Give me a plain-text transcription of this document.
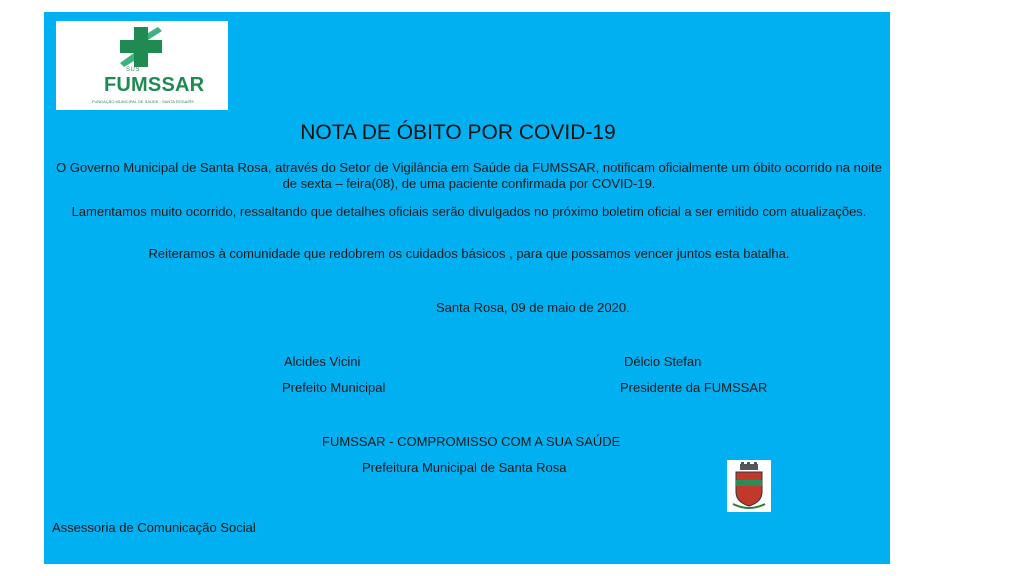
SUS
FUMSSAR
FUNDAÇÃO MUNICIPAL DE SAÚDE · SANTA ROSA/RS
NOTA DE ÓBITO POR COVID-19
O Governo Municipal de Santa Rosa, através do Setor de Vigilância em Saúde da FUMSSAR, notificam oficialmente um óbito ocorrido na noite de sexta – feira(08), de uma paciente confirmada por COVID-19.
Lamentamos muito ocorrido, ressaltando que detalhes oficiais serão divulgados no próximo boletim oficial a ser emitido com atualizações.
Reiteramos à comunidade que redobrem os cuidados básicos , para que possamos vencer juntos esta batalha.
Santa Rosa, 09 de maio de 2020.
Alcides Vicini
Prefeito Municipal
Délcio Stefan
Presidente da FUMSSAR
FUMSSAR - COMPROMISSO COM A SUA SAÚDE
Prefeitura Municipal de Santa Rosa
Assessoria de Comunicação Social
